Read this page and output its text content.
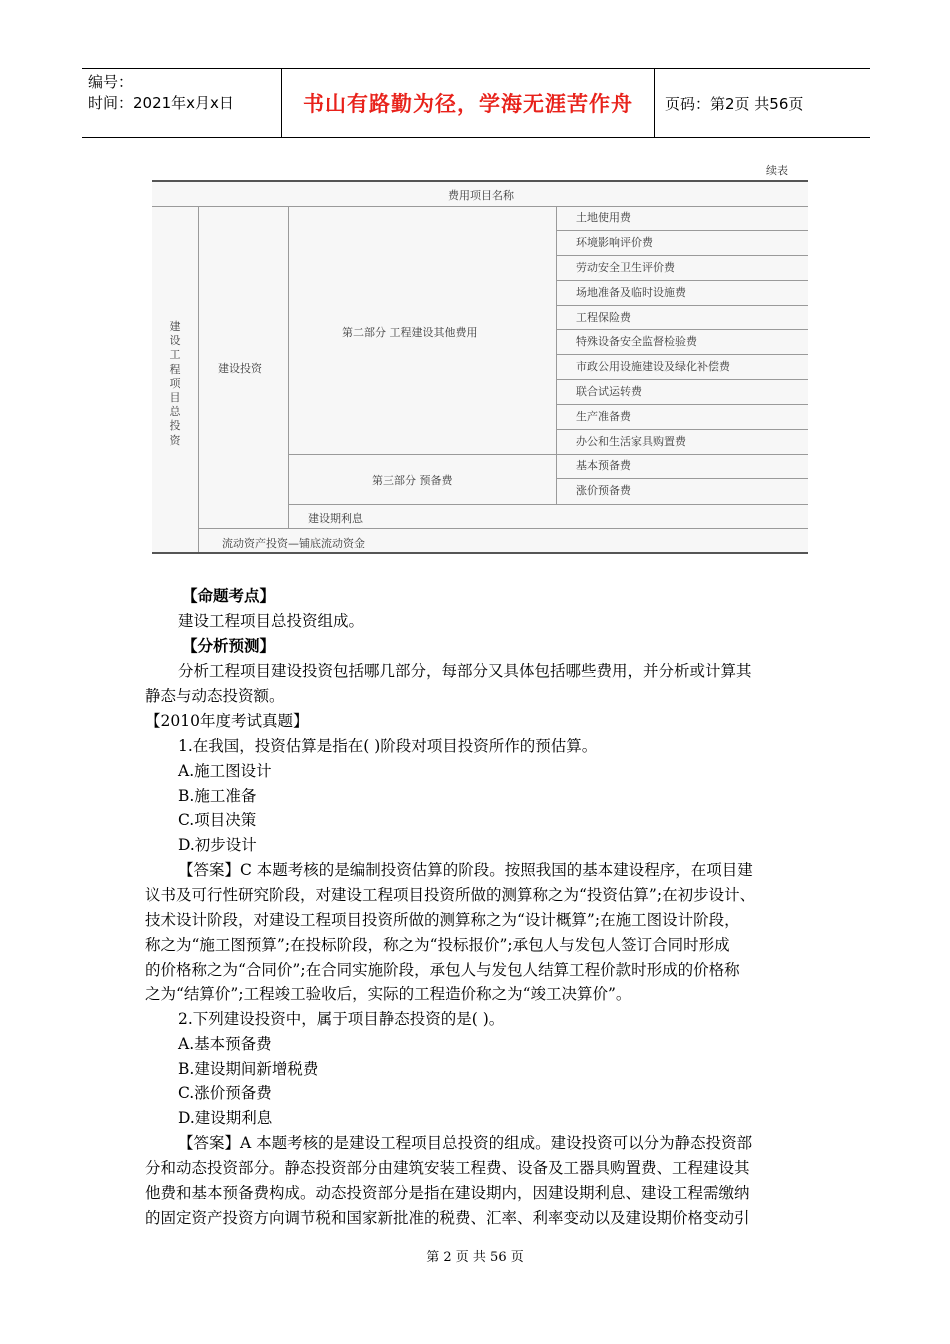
编号：
时间：2021年x月x日	书山有路勤为径，学海无涯苦作舟	页码：第2页 共56页
续表
费用项目名称
建设工程项目总投资
建设投资
第二部分 工程建设其他费用
土地使用费
环境影响评价费
劳动安全卫生评价费
场地准备及临时设施费
工程保险费
特殊设备安全监督检验费
市政公用设施建设及绿化补偿费
联合试运转费
生产准备费
办公和生活家具购置费
第三部分 预备费
基本预备费
涨价预备费
建设期利息
流动资产投资—铺底流动资金
【命题考点】
建设工程项目总投资组成。
【分析预测】
分析工程项目建设投资包括哪几部分，每部分又具体包括哪些费用，并分析或计算其
静态与动态投资额。
【2010年度考试真题】
1.在我国，投资估算是指在( )阶段对项目投资所作的预估算。
A.施工图设计
B.施工准备
C.项目决策
D.初步设计
【答案】C 本题考核的是编制投资估算的阶段。按照我国的基本建设程序，在项目建
议书及可行性研究阶段，对建设工程项目投资所做的测算称之为“投资估算”;在初步设计、
技术设计阶段，对建设工程项目投资所做的测算称之为“设计概算”;在施工图设计阶段，
称之为“施工图预算”;在投标阶段，称之为“投标报价”;承包人与发包人签订合同时形成
的价格称之为“合同价”;在合同实施阶段，承包人与发包人结算工程价款时形成的价格称
之为“结算价”;工程竣工验收后，实际的工程造价称之为“竣工决算价”。
2.下列建设投资中，属于项目静态投资的是( )。
A.基本预备费
B.建设期间新增税费
C.涨价预备费
D.建设期利息
【答案】A 本题考核的是建设工程项目总投资的组成。建设投资可以分为静态投资部
分和动态投资部分。静态投资部分由建筑安装工程费、设备及工器具购置费、工程建设其
他费和基本预备费构成。动态投资部分是指在建设期内，因建设期利息、建设工程需缴纳
的固定资产投资方向调节税和国家新批准的税费、汇率、利率变动以及建设期价格变动引
第 2 页 共 56 页
